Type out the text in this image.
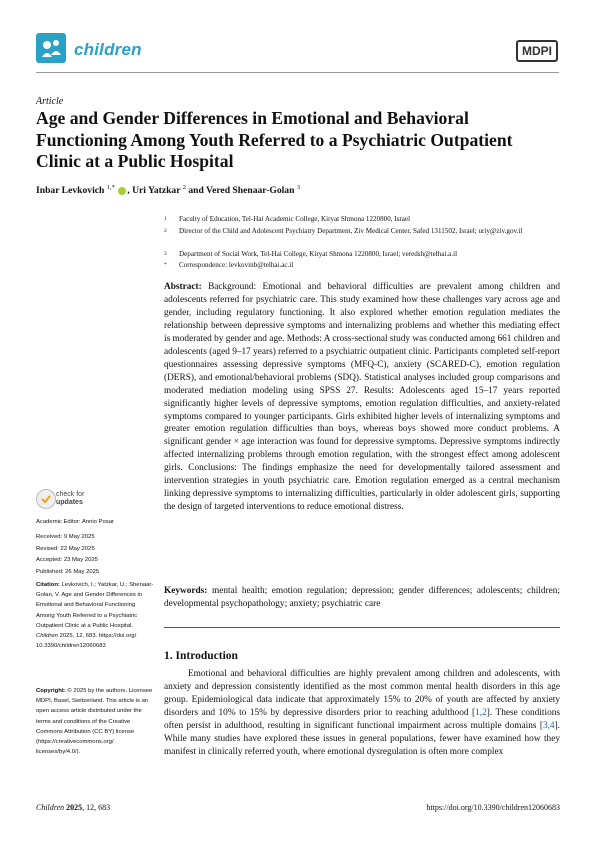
children	MDPI
Article
Age and Gender Differences in Emotional and Behavioral Functioning Among Youth Referred to a Psychiatric Outpatient Clinic at a Public Hospital
Inbar Levkovich $^{1,*}$ , Uri Yatzkar $^2$ and Vered Shenaar-Golan $^3$
1 Faculty of Education, Tel-Hai Academic College, Kiryat Shmona 1220800, Israel
2 Director of the Child and Adolescent Psychiatry Department, Ziv Medical Center, Safed 1311502, Israel; uriy@ziv.gov.il
3 Department of Social Work, Tel-Hai College, Kiryat Shmona 1220800, Israel; veredsh@telhai.a.il
* Correspondence: levkovinb@telhai.ac.il

Abstract: Background: Emotional and behavioral difficulties are prevalent among children and adolescents referred for psychiatric care. This study examined how these challenges vary across age and gender, including regulatory functioning. It also explored whether emotion regulation mediates the relationship between depressive symptoms and internalizing problems and whether this mediating effect is moderated by gender and age. Methods: A cross-sectional study was conducted among 661 children and adolescents (aged 9–17 years) referred to a psychiatric outpatient clinic. Participants completed self-report questionnaires assessing depressive symptoms (MFQ-C), anxiety (SCARED-C), emotion regulation (DERS), and emotional/behavioral problems (SDQ). Statistical analyses included group comparisons and moderated mediation modeling using SPSS 27. Results: Adolescents aged 15–17 years reported significantly higher levels of depressive symptoms, emotion regulation difficulties, and anxiety-related symptoms compared to younger participants. Girls exhibited higher levels of internalizing symptoms and greater emotion regulation difficulties than boys, whereas boys showed more conduct problems. A significant gender × age interaction was found for depressive symptoms. Depressive symptoms indirectly affected internalizing problems through emotion regulation, with the strongest effect among adolescent girls. Conclusions: The findings emphasize the need for developmentally tailored assessment and intervention strategies in youth psychiatric care. Emotion regulation emerged as a central mechanism linking depressive symptoms to internalizing difficulties, particularly in older adolescent girls, supporting the design of targeted interventions to reduce emotional distress.

Keywords: mental health; emotion regulation; depression; gender differences; adolescents; children; developmental psychopathology; anxiety; psychiatric care

1. Introduction

Emotional and behavioral difficulties are highly prevalent among children and adolescents, with anxiety and depression consistently identified as the most common mental health disorders in this age group. Epidemiological data indicate that approximately 15% to 20% of youth are affected by anxiety disorders and 10% to 15% by depressive disorders prior to reaching adulthood [1,2]. These conditions often persist in adulthood, resulting in significant functional impairment across multiple domains [3,4]. While many studies have explored these issues in general populations, fewer have examined how they manifest in clinically referred youth, where emotional dysregulation is often more complex

check for
updates
Academic Editor: Annio Posar
Received: 9 May 2025
Revised: 22 May 2025
Accepted: 23 May 2025
Published: 26 May 2025
Citation: Levkovich, I.; Yatzkar, U.; Shenaar-Golan, V. Age and Gender Differences in Emotional and Behavioral Functioning Among Youth Referred to a Psychiatric Outpatient Clinic at a Public Hospital. Children 2025, 12, 683. https://doi.org/ 10.3390/children12060683
Copyright: © 2025 by the authors. Licensee MDPI, Basel, Switzerland. This article is an open access article distributed under the terms and conditions of the Creative Commons Attribution (CC BY) license (https://creativecommons.org/ licenses/by/4.0/).
Children 2025, 12, 683	https://doi.org/10.3390/children12060683
